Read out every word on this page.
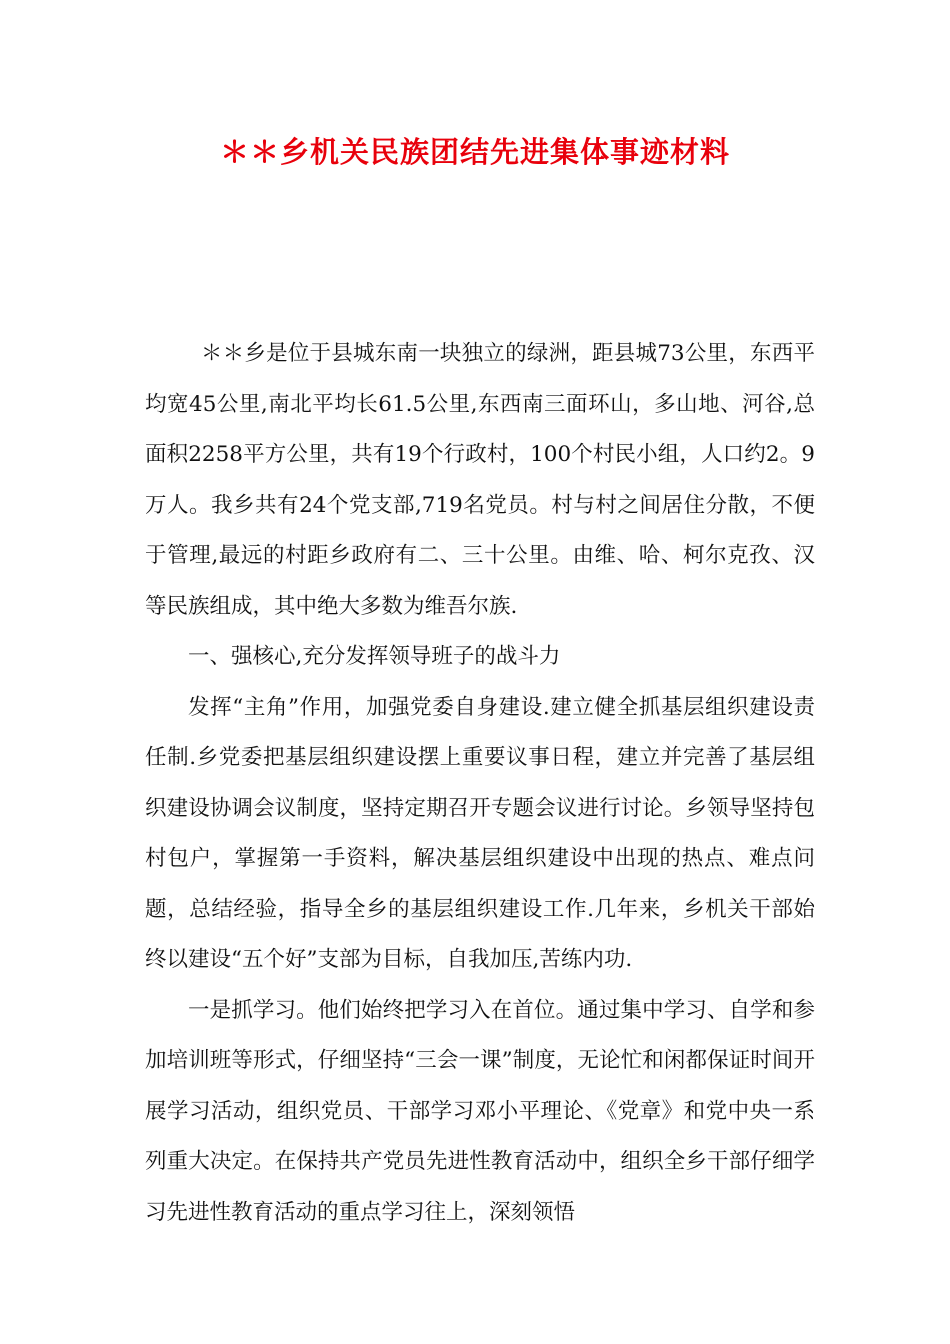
＊＊乡机关民族团结先进集体事迹材料

＊＊乡是位于县城东南一块独立的绿洲，距县城73公里，东西平均宽45公里,南北平均长61.5公里,东西南三面环山，多山地、河谷,总面积2258平方公里，共有19个行政村，100个村民小组，人口约2。9万人。我乡共有24个党支部,719名党员。村与村之间居住分散，不便于管理,最远的村距乡政府有二、三十公里。由维、哈、柯尔克孜、汉等民族组成，其中绝大多数为维吾尔族.

一、强核心,充分发挥领导班子的战斗力

发挥“主角”作用，加强党委自身建设.建立健全抓基层组织建设责任制.乡党委把基层组织建设摆上重要议事日程，建立并完善了基层组织建设协调会议制度，坚持定期召开专题会议进行讨论。乡领导坚持包村包户，掌握第一手资料，解决基层组织建设中出现的热点、难点问题，总结经验，指导全乡的基层组织建设工作.几年来，乡机关干部始终以建设“五个好”支部为目标，自我加压,苦练内功.

一是抓学习。他们始终把学习入在首位。通过集中学习、自学和参加培训班等形式，仔细坚持“三会一课”制度，无论忙和闲都保证时间开展学习活动，组织党员、干部学习邓小平理论、《党章》和党中央一系列重大决定。在保持共产党员先进性教育活动中，组织全乡干部仔细学习先进性教育活动的重点学习往上，深刻领悟
